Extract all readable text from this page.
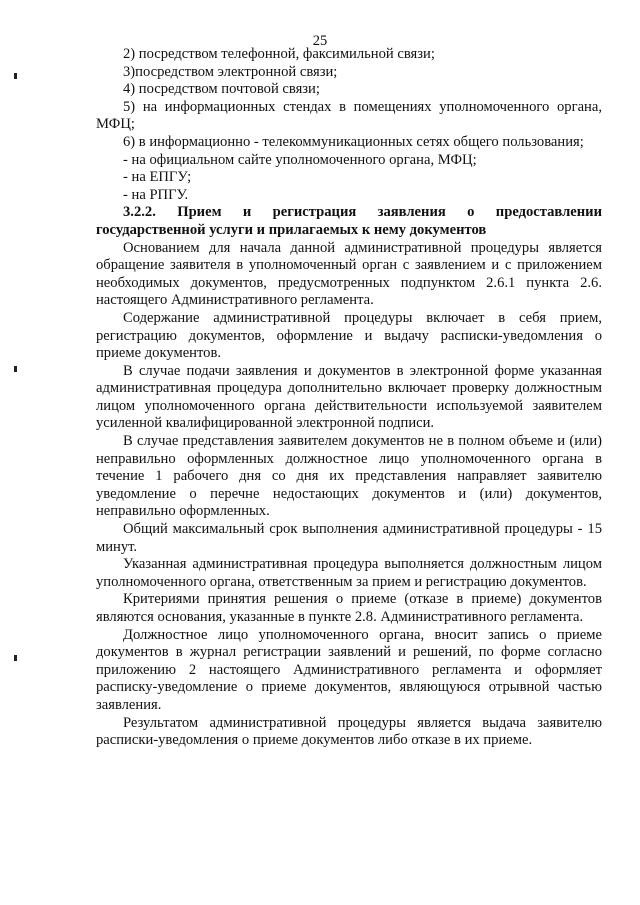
25

2) посредством телефонной, факсимильной связи;

3)посредством электронной связи;

4) посредством почтовой связи;

5) на информационных стендах в помещениях уполномоченного органа, МФЦ;

6) в информационно - телекоммуникационных сетях общего пользования;

- на официальном сайте уполномоченного органа, МФЦ;

- на ЕПГУ;

- на РПГУ.

3.2.2. Прием и регистрация заявления о предоставлении государственной услуги и прилагаемых к нему документов

Основанием для начала данной административной процедуры является обращение заявителя в уполномоченный орган с заявлением и с приложением необходимых документов, предусмотренных подпунктом 2.6.1 пункта 2.6. настоящего Административного регламента.

Содержание административной процедуры включает в себя прием, регистрацию документов, оформление и выдачу расписки-уведомления о приеме документов.

В случае подачи заявления и документов в электронной форме указанная административная процедура дополнительно включает проверку должностным лицом уполномоченного органа действительности используемой заявителем усиленной квалифицированной электронной подписи.

В случае представления заявителем документов не в полном объеме и (или) неправильно оформленных должностное лицо уполномоченного органа в течение 1 рабочего дня со дня их представления направляет заявителю уведомление о перечне недостающих документов и (или) документов, неправильно оформленных.

Общий максимальный срок выполнения административной процедуры - 15 минут.

Указанная административная процедура выполняется должностным лицом уполномоченного органа, ответственным за прием и регистрацию документов.

Критериями принятия решения о приеме (отказе в приеме) документов являются основания, указанные в пункте 2.8. Административного регламента.

Должностное лицо уполномоченного органа, вносит запись о приеме документов в журнал регистрации заявлений и решений, по форме согласно приложению 2 настоящего Административного регламента и оформляет расписку-уведомление о приеме документов, являющуюся отрывной частью заявления.

Результатом административной процедуры является выдача заявителю расписки-уведомления о приеме документов либо отказе в их приеме.
